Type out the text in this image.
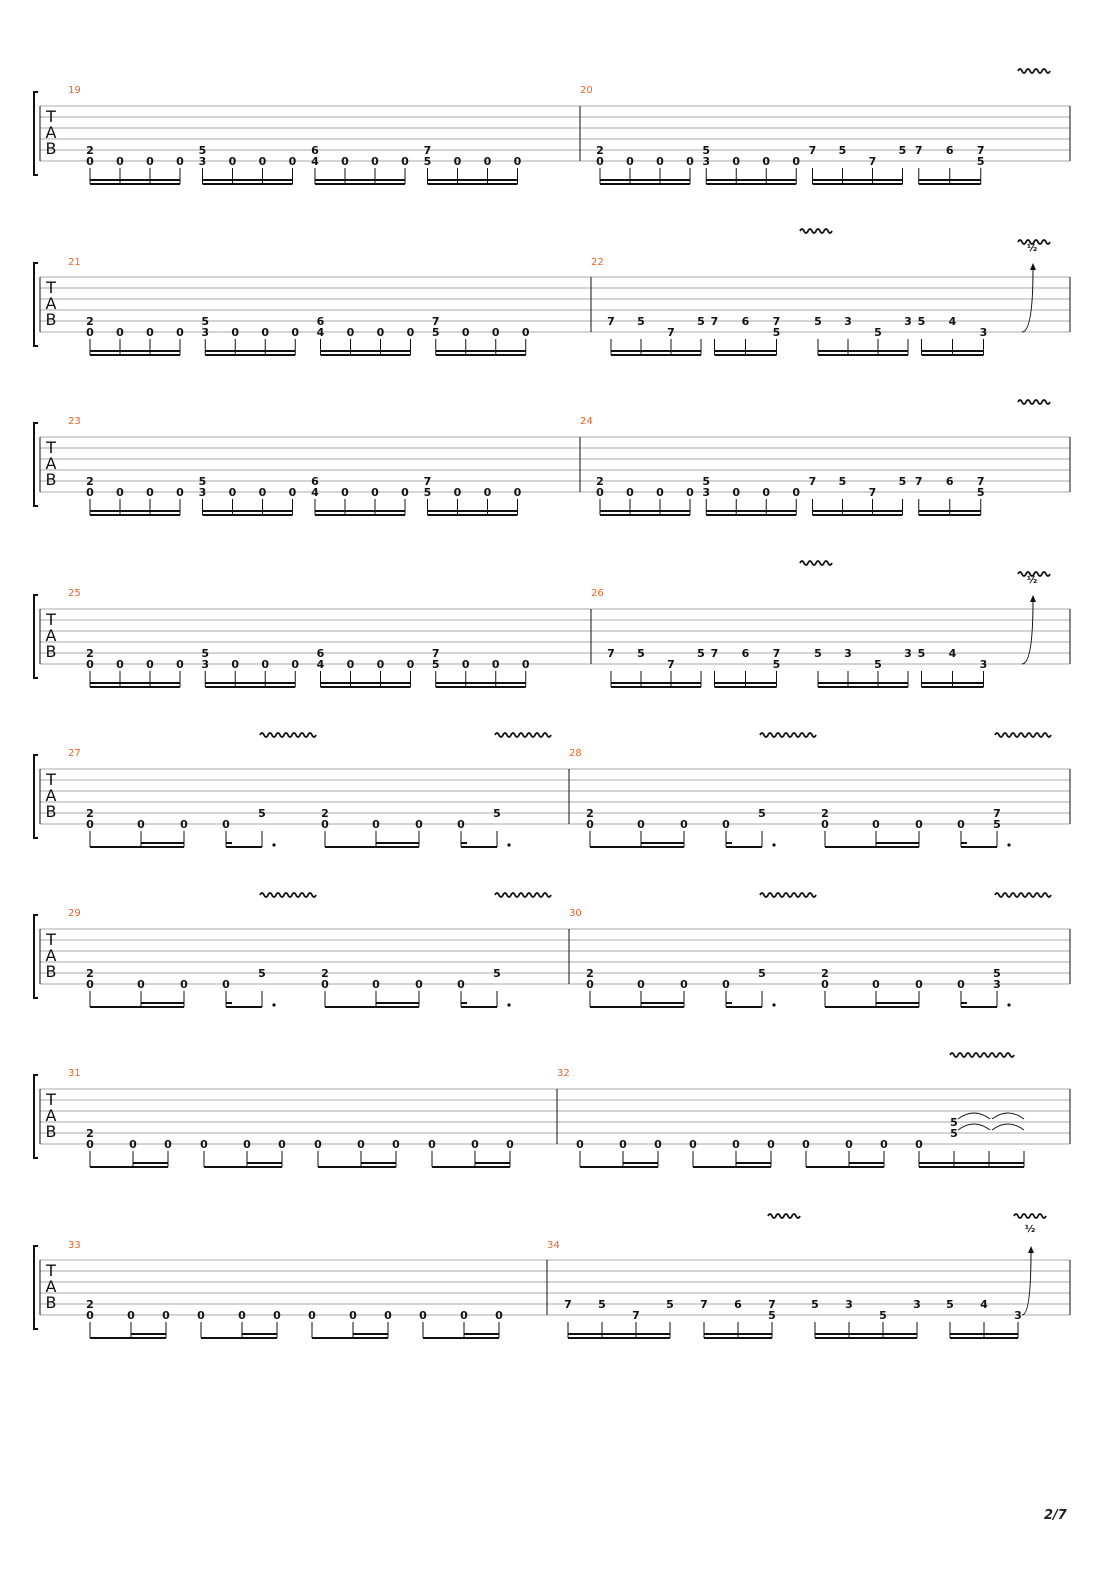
T
A
B
19
2
0 0 0 0
5
3 0 0 0
6
4 0 0 0
7
5 0 0 0
20
2
0 0 0 0
5
3 0 0 0
7 5
7
5 7 6 7
5
T
A
B
21
2
0 0 0 0
5
3 0 0 0
6
4 0 0 0
7
5 0 0 0
22
7 5
7
5 7 6 7
5
5 3
5
3 5 4
3
½
T
A
B
23
2
0 0 0 0
5
3 0 0 0
6
4 0 0 0
7
5 0 0 0
24
2
0 0 0 0
5
3 0 0 0
7 5
7
5 7 6 7
5
T
A
B
25
2
0 0 0 0
5
3 0 0 0
6
4 0 0 0
7
5 0 0 0
26
7 5
7
5 7 6 7
5
5 3
5
3 5 4
3
½
T
A
B
27
2
0	0	0	0
5	2
0	0	0	0
5
28
2
0	0	0	0
5	2
0	0	0	0
7
5
T
A
B
29
2
0	0	0	0
5	2
0	0	0	0
5
30
2
0	0	0	0
5	2
0	0	0	0
5
3
T
A
B
31	32
2
0	0 0	0	0 0	0	0 0	0	0 0	0	0 0 0	0 0 0	0 0 0
5
5
T
A
B
33	34
2
0	0 0 0	0 0 0	0 0 0	0 0
7 5
7
5 7 6 7
5
5 3
5
3 5 4
3
½
2/7
